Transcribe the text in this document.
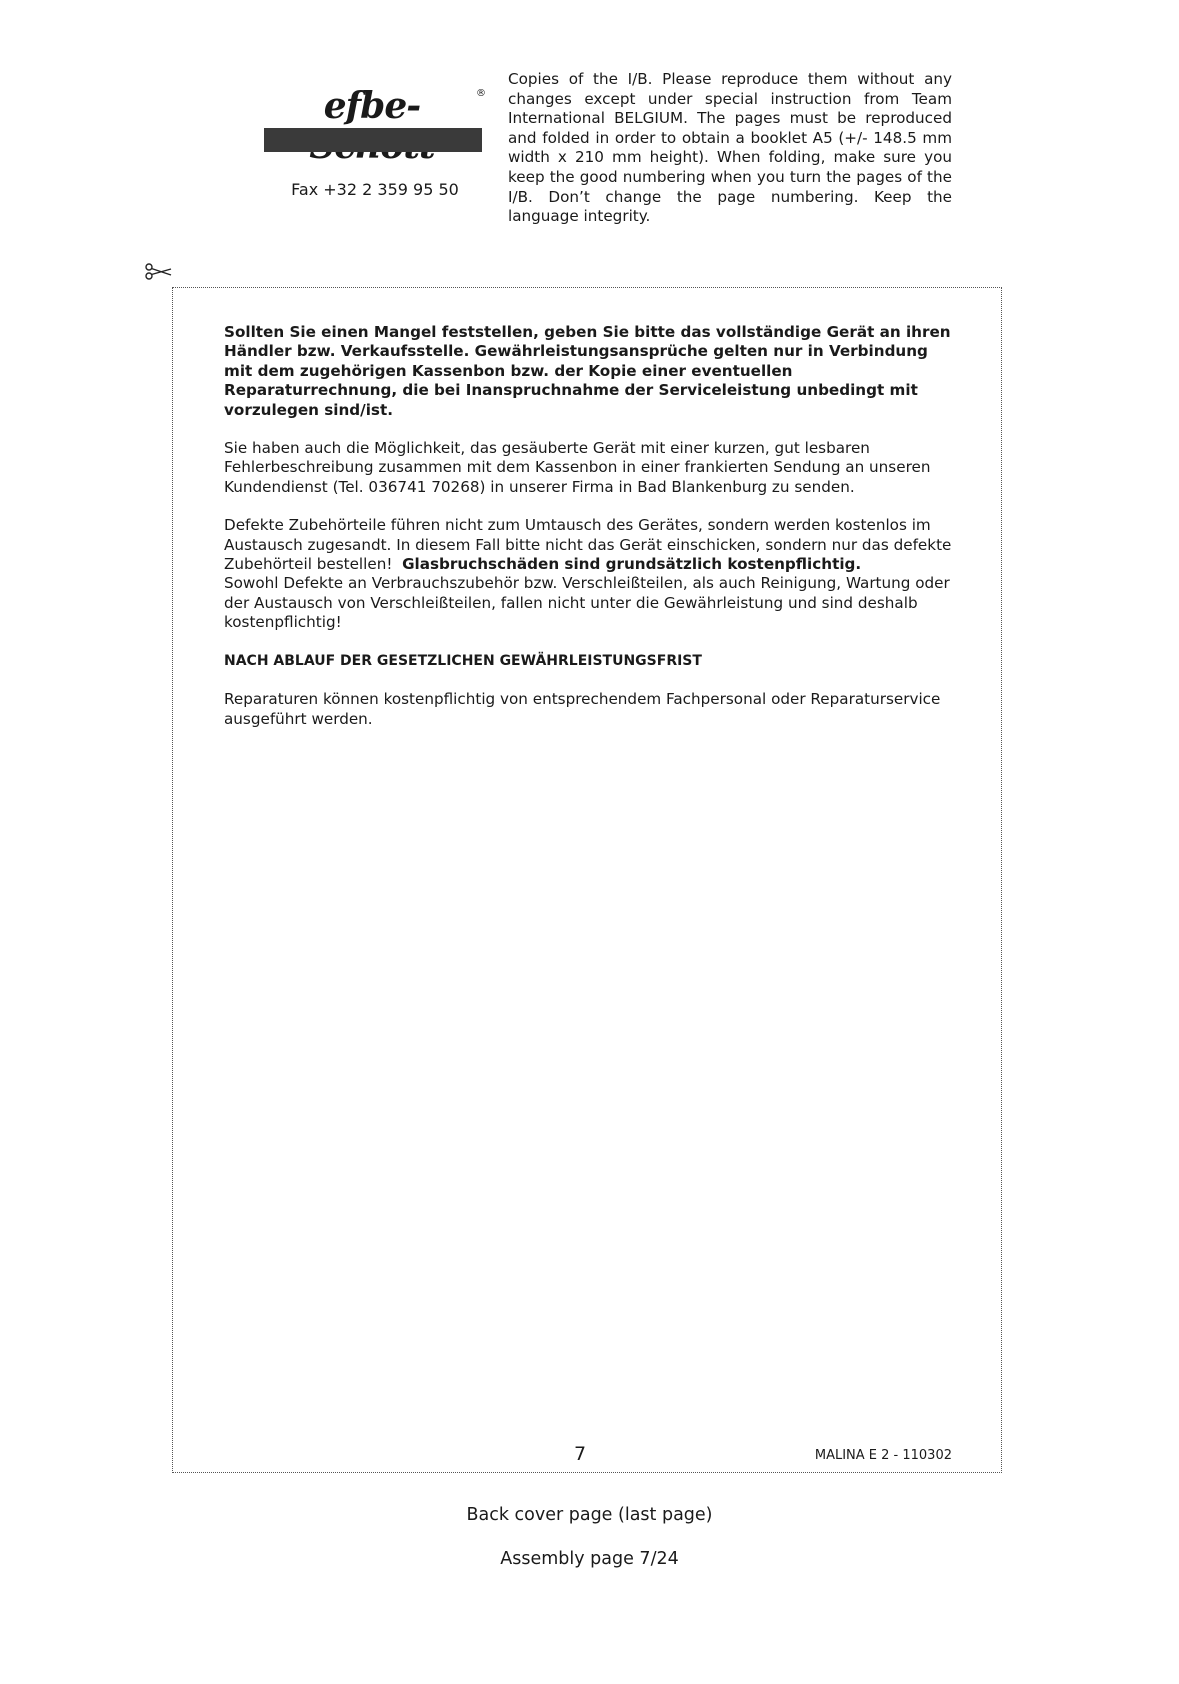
efbe-	®
Fax +32 2 359 95 50
Copies of the I/B. Please reproduce them without any changes except under special instruction from Team International BELGIUM. The pages must be reproduced and folded in order to obtain a booklet A5 (+/- 148.5 mm width x 210 mm height). When folding, make sure you keep the good numbering when you turn the pages of the I/B. Don’t change the page numbering. Keep the language integrity.

Sollten Sie einen Mangel feststellen, geben Sie bitte das vollständige Gerät an ihren Händler bzw. Verkaufsstelle. Gewährleistungsansprüche gelten nur in Verbindung mit dem zugehörigen Kassenbon bzw. der Kopie einer eventuellen Reparaturrechnung, die bei Inanspruchnahme der Serviceleistung unbedingt mit vorzulegen sind/ist.

Sie haben auch die Möglichkeit, das gesäuberte Gerät mit einer kurzen, gut lesbaren Fehlerbeschreibung zusammen mit dem Kassenbon in einer frankierten Sendung an unseren Kundendienst (Tel. 036741 70268) in unserer Firma in Bad Blankenburg zu senden.

Defekte Zubehörteile führen nicht zum Umtausch des Gerätes, sondern werden kostenlos im Austausch zugesandt. In diesem Fall bitte nicht das Gerät einschicken, sondern nur das defekte Zubehörteil bestellen! Glasbruchschäden sind grundsätzlich kostenpflichtig.
Sowohl Defekte an Verbrauchszubehör bzw. Verschleißteilen, als auch Reinigung, Wartung oder der Austausch von Verschleißteilen, fallen nicht unter die Gewährleistung und sind deshalb kostenpflichtig!

NACH ABLAUF DER GESETZLICHEN GEWÄHRLEISTUNGSFRIST

Reparaturen können kostenpflichtig von entsprechendem Fachpersonal oder Reparaturservice ausgeführt werden.

7	MALINA E 2 - 110302
Back cover page (last page)
Assembly page 7/24
